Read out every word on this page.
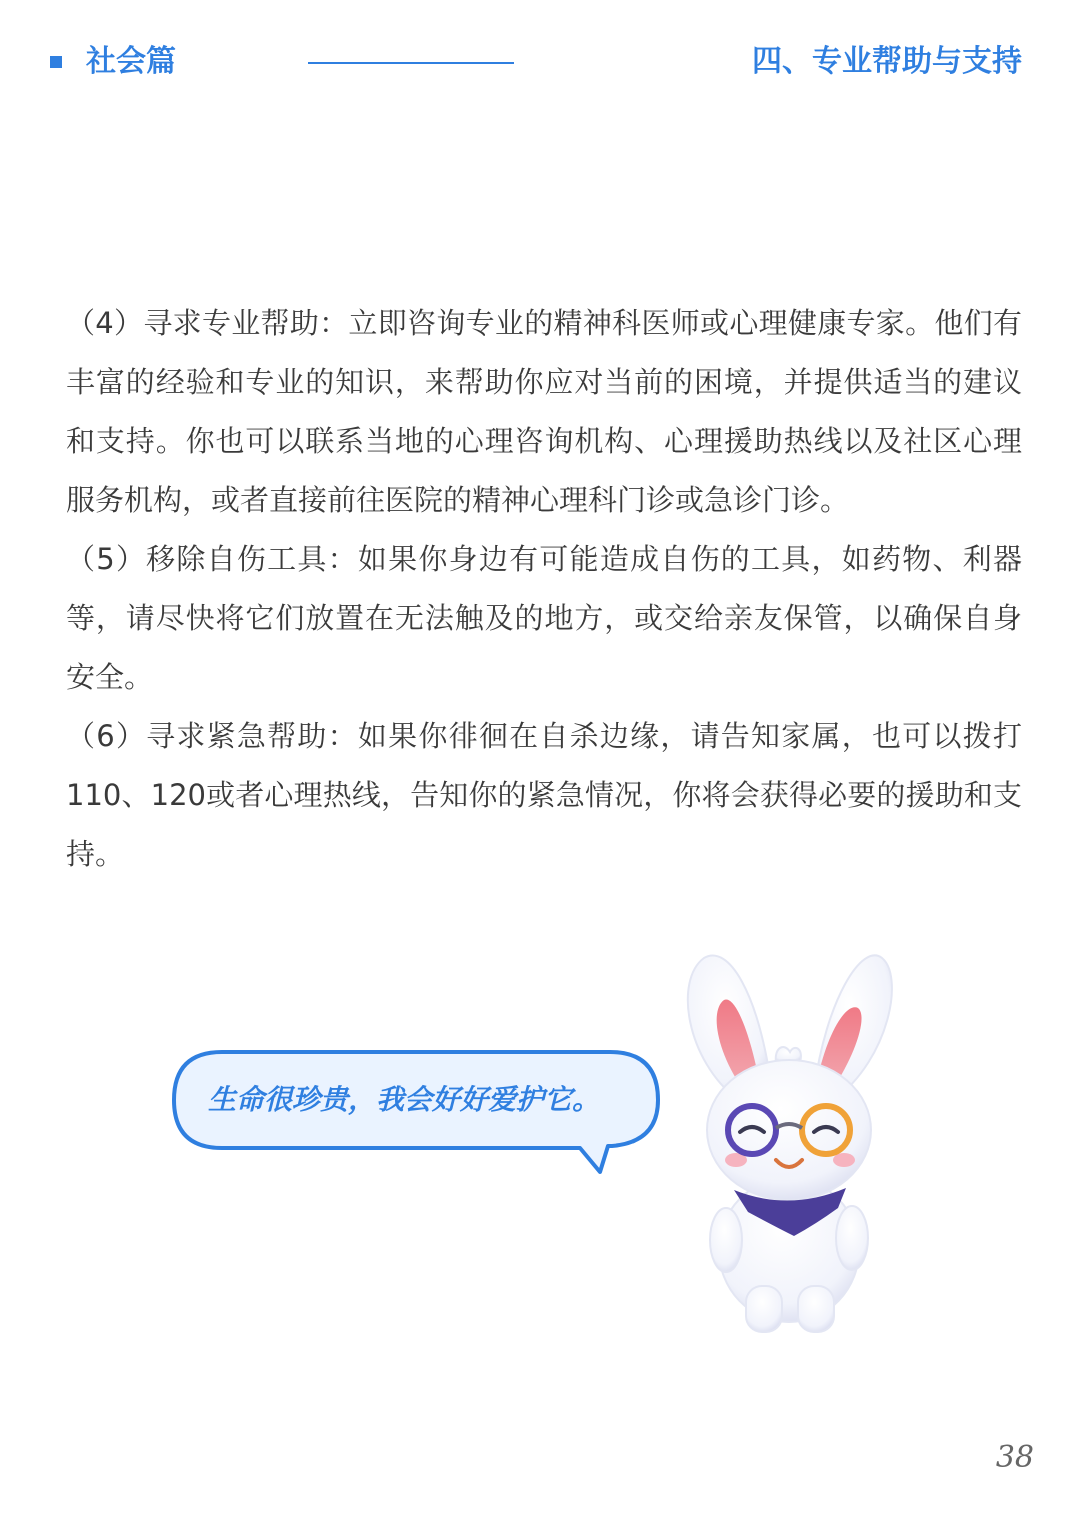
社会篇	四、专业帮助与支持

（4）寻求专业帮助：立即咨询专业的精神科医师或心理健康专家。他们有丰富的经验和专业的知识，来帮助你应对当前的困境，并提供适当的建议和支持。你也可以联系当地的心理咨询机构、心理援助热线以及社区心理服务机构，或者直接前往医院的精神心理科门诊或急诊门诊。

（5）移除自伤工具：如果你身边有可能造成自伤的工具，如药物、利器等，请尽快将它们放置在无法触及的地方，或交给亲友保管，以确保自身安全。

（6）寻求紧急帮助：如果你徘徊在自杀边缘，请告知家属，也可以拨打110、120或者心理热线，告知你的紧急情况，你将会获得必要的援助和支持。

生命很珍贵，我会好好爱护它。
38
